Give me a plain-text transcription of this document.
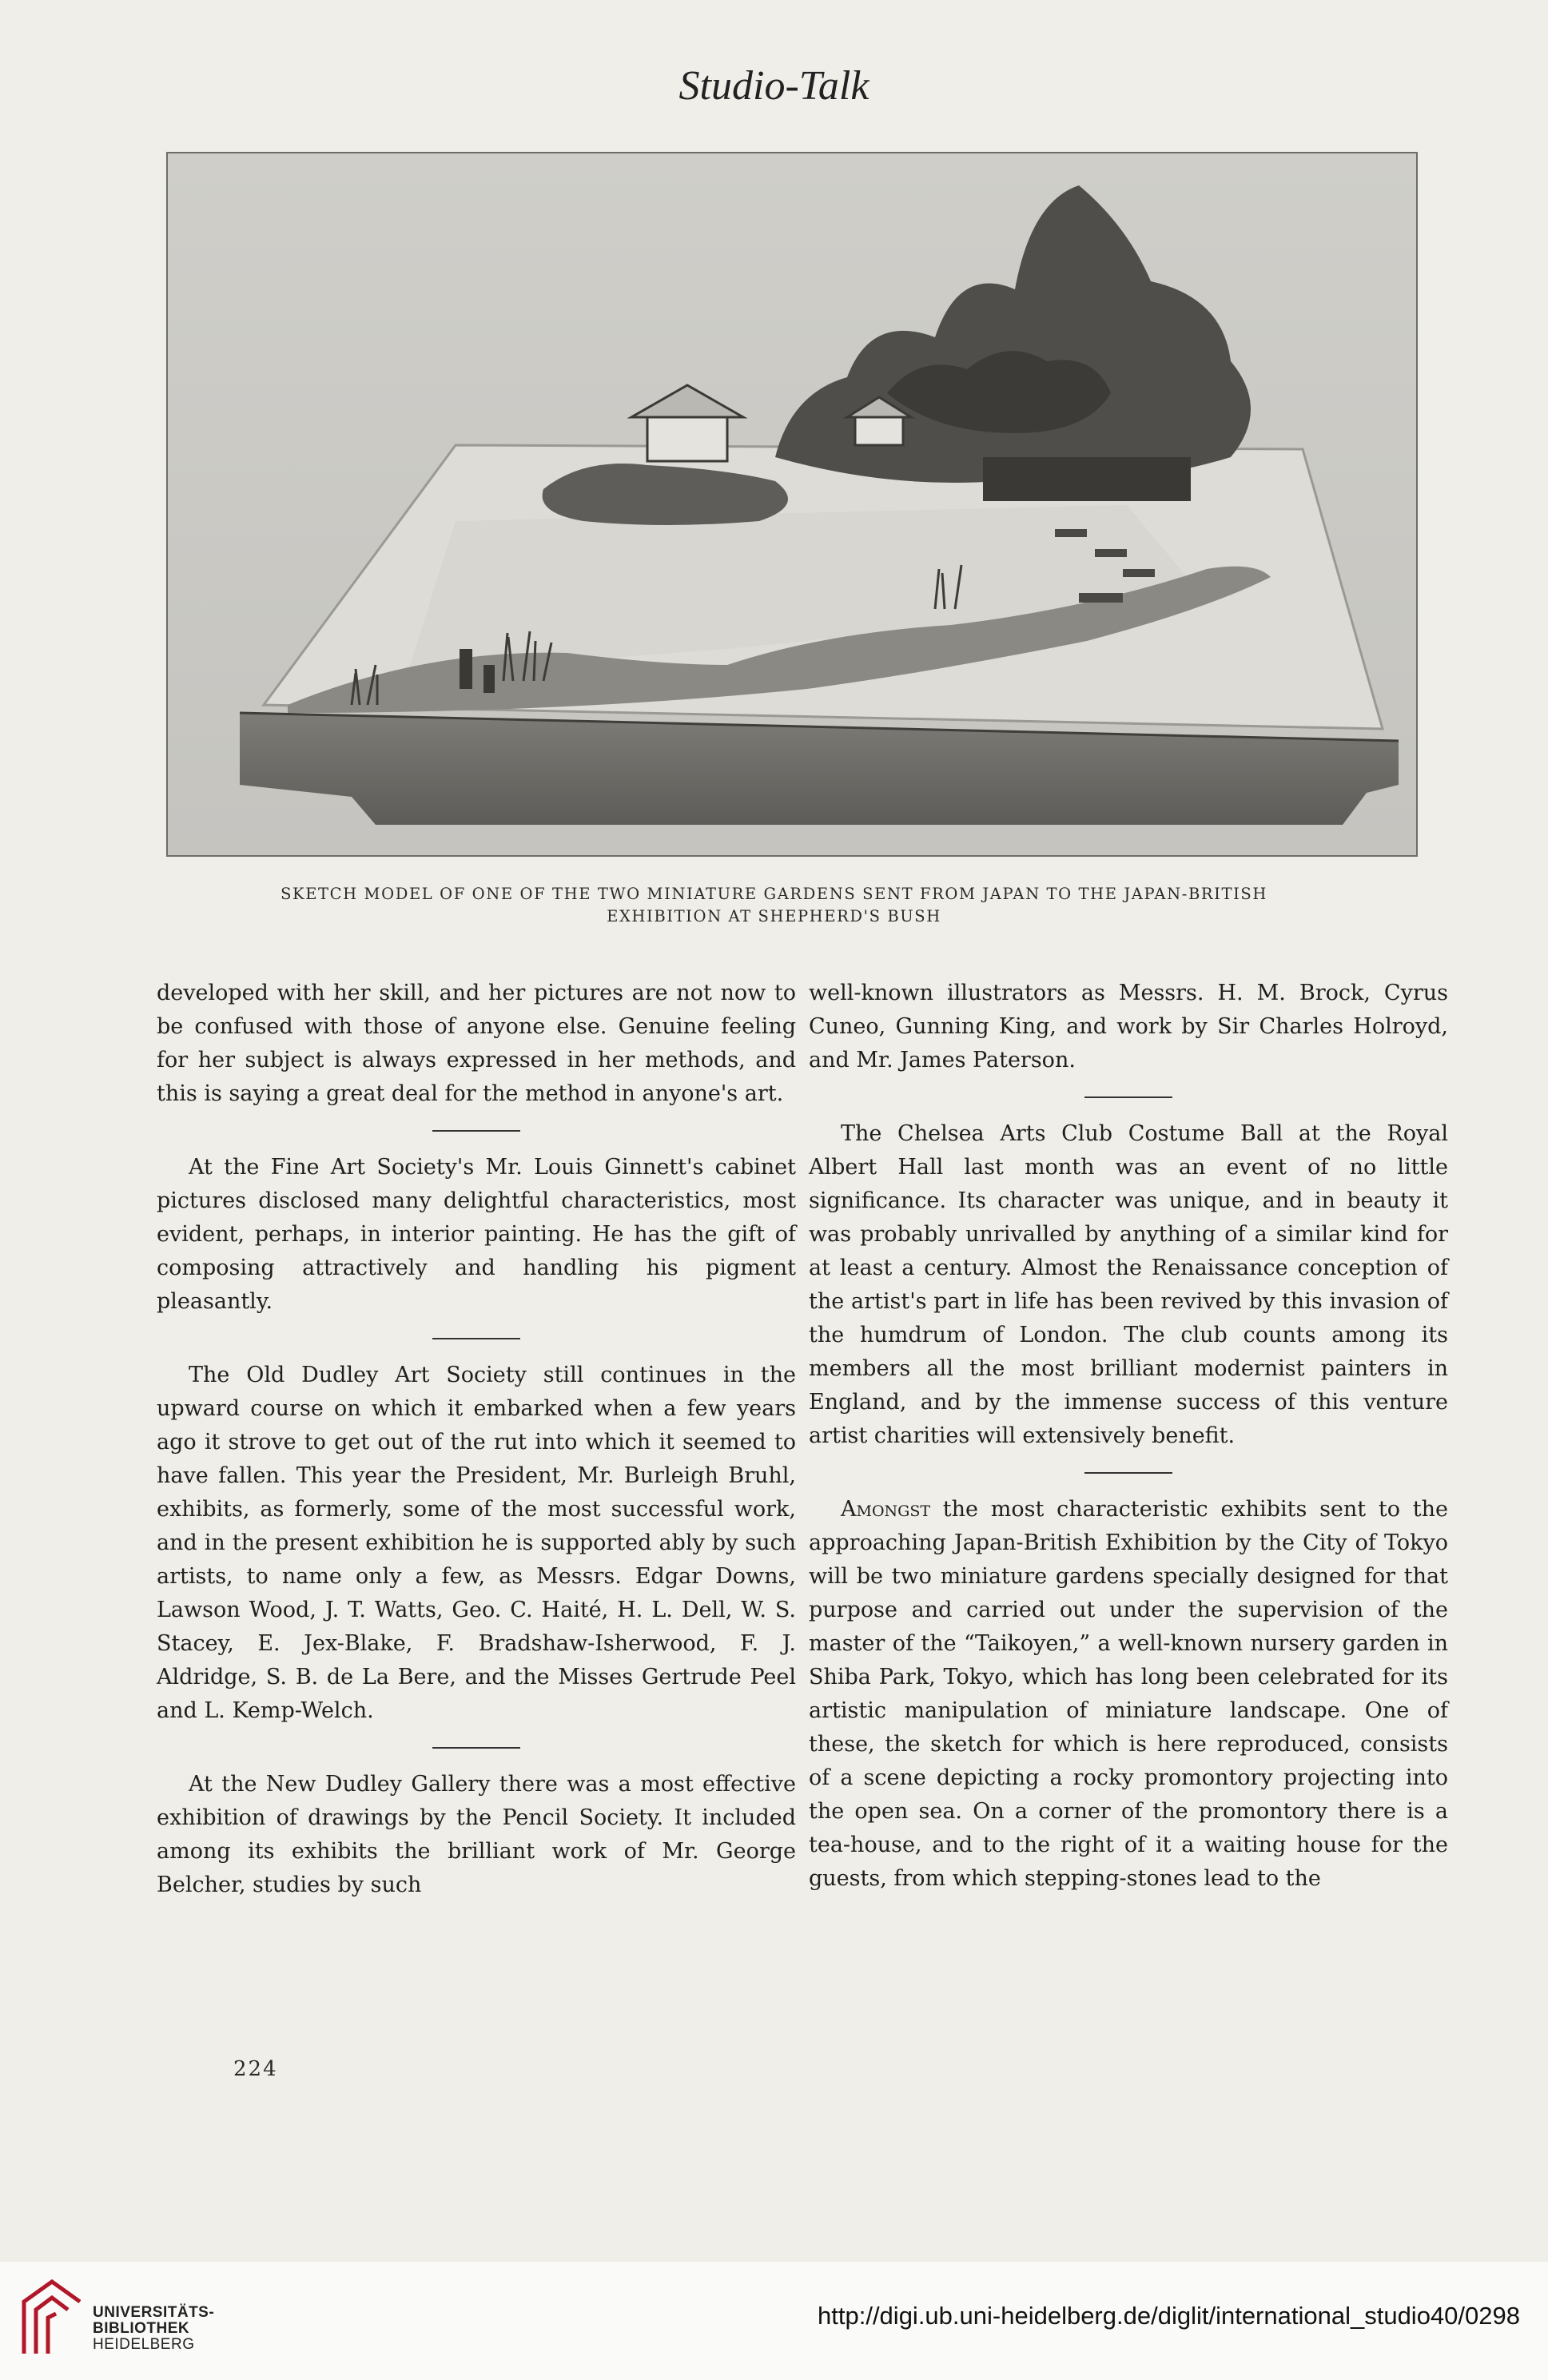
Studio-Talk
SKETCH MODEL OF ONE OF THE TWO MINIATURE GARDENS SENT FROM JAPAN TO THE JAPAN-BRITISH
EXHIBITION AT SHEPHERD'S BUSH

developed with her skill, and her pictures are not now to be confused with those of anyone else. Genuine feeling for her subject is always expressed in her methods, and this is saying a great deal for the method in anyone's art.

At the Fine Art Society's Mr. Louis Ginnett's cabinet pictures disclosed many delightful characteristics, most evident, perhaps, in interior painting. He has the gift of composing attractively and handling his pigment pleasantly.

The Old Dudley Art Society still continues in the upward course on which it embarked when a few years ago it strove to get out of the rut into which it seemed to have fallen. This year the President, Mr. Burleigh Bruhl, exhibits, as formerly, some of the most successful work, and in the present exhibition he is supported ably by such artists, to name only a few, as Messrs. Edgar Downs, Lawson Wood, J. T. Watts, Geo. C. Haité, H. L. Dell, W. S. Stacey, E. Jex-Blake, F. Bradshaw-Isherwood, F. J. Aldridge, S. B. de La Bere, and the Misses Gertrude Peel and L. Kemp-Welch.

At the New Dudley Gallery there was a most effective exhibition of drawings by the Pencil Society. It included among its exhibits the brilliant work of Mr. George Belcher, studies by such

well-known illustrators as Messrs. H. M. Brock, Cyrus Cuneo, Gunning King, and work by Sir Charles Holroyd, and Mr. James Paterson.

The Chelsea Arts Club Costume Ball at the Royal Albert Hall last month was an event of no little significance. Its character was unique, and in beauty it was probably unrivalled by anything of a similar kind for at least a century. Almost the Renaissance conception of the artist's part in life has been revived by this invasion of the humdrum of London. The club counts among its members all the most brilliant modernist painters in England, and by the immense success of this venture artist charities will extensively benefit.

Amongst the most characteristic exhibits sent to the approaching Japan-British Exhibition by the City of Tokyo will be two miniature gardens specially designed for that purpose and carried out under the supervision of the master of the “Taikoyen,” a well-known nursery garden in Shiba Park, Tokyo, which has long been celebrated for its artistic manipulation of miniature landscape. One of these, the sketch for which is here reproduced, consists of a scene depicting a rocky promontory projecting into the open sea. On a corner of the promontory there is a tea-house, and to the right of it a waiting house for the guests, from which stepping-stones lead to the

224
UNIVERSITÄTS-
BIBLIOTHEK
HEIDELBERG
http://digi.ub.uni-heidelberg.de/diglit/international_studio40/0298
